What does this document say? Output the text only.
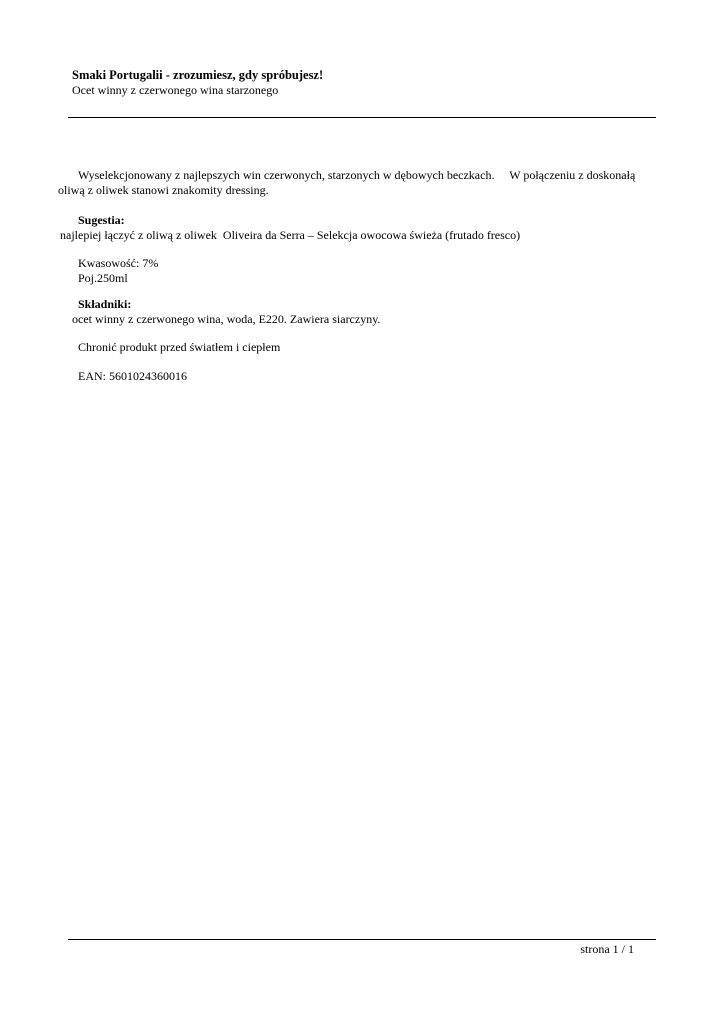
Smaki Portugalii - zrozumiesz, gdy spróbujesz!
Ocet winny z czerwonego wina starzonego

Wyselekcjonowany z najlepszych win czerwonych, starzonych w dębowych beczkach.     W połączeniu z doskonałą

oliwą z oliwek stanowi znakomity dressing.

Sugestia:

najlepiej łączyć z oliwą z oliwek  Oliveira da Serra – Selekcja owocowa świeża (frutado fresco)

Kwasowość: 7%

Poj.250ml

Składniki:

ocet winny z czerwonego wina, woda, E220. Zawiera siarczyny.

Chronić produkt przed światłem i ciepłem

EAN: 5601024360016

strona 1 / 1
